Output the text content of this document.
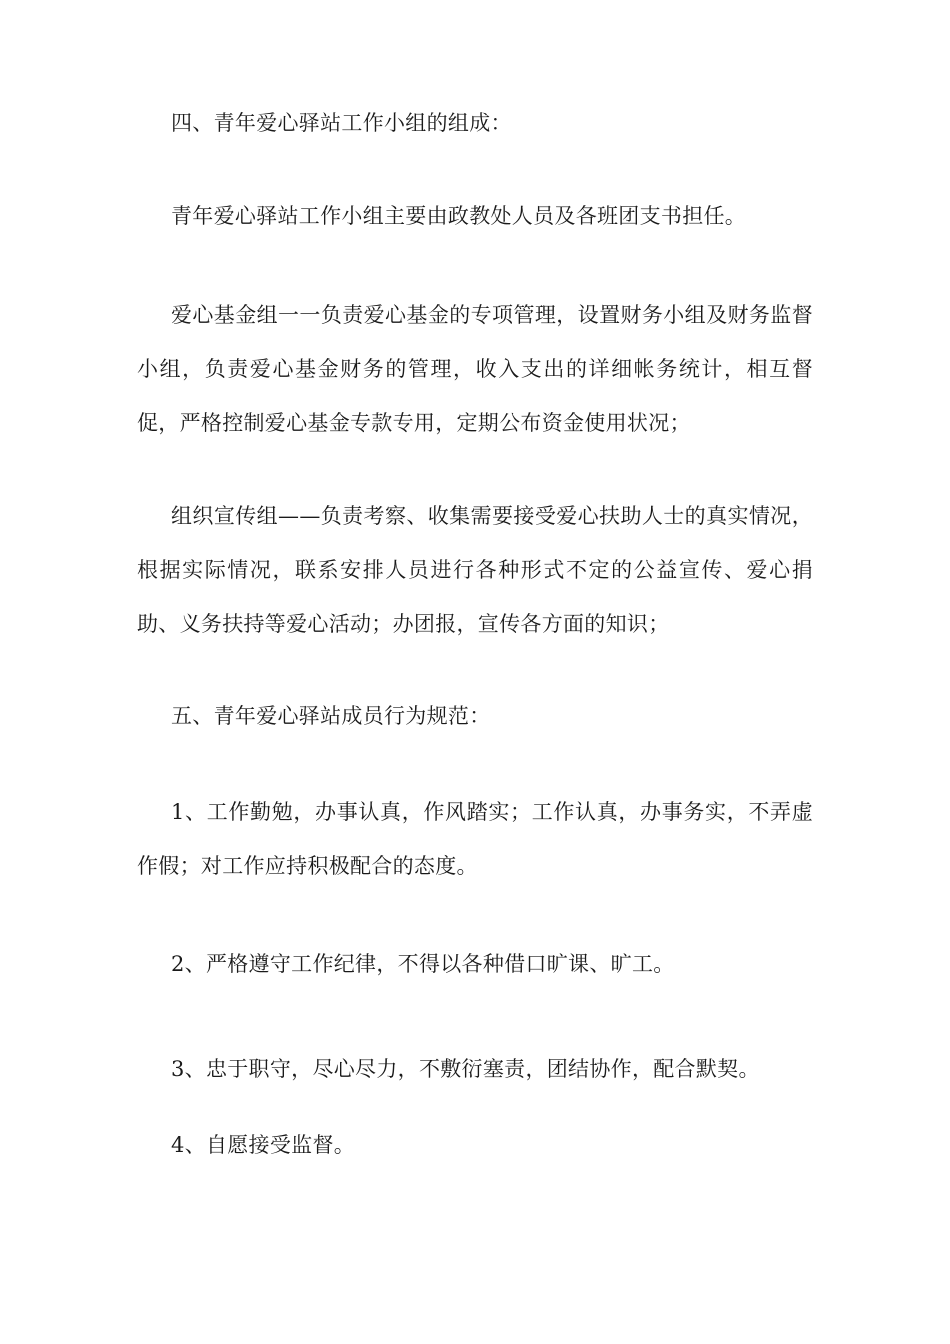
四、青年爱心驿站工作小组的组成：

青年爱心驿站工作小组主要由政教处人员及各班团支书担任。

爱心基金组一一负责爱心基金的专项管理，设置财务小组及财务监督小组，负责爱心基金财务的管理，收入支出的详细帐务统计，相互督促，严格控制爱心基金专款专用，定期公布资金使用状况；

组织宣传组——负责考察、收集需要接受爱心扶助人士的真实情况，根据实际情况，联系安排人员进行各种形式不定的公益宣传、爱心捐助、义务扶持等爱心活动；办团报，宣传各方面的知识；

五、青年爱心驿站成员行为规范：

1、工作勤勉，办事认真，作风踏实；工作认真，办事务实，不弄虚作假；对工作应持积极配合的态度。

2、严格遵守工作纪律，不得以各种借口旷课、旷工。

3、忠于职守，尽心尽力，不敷衍塞责，团结协作，配合默契。

4、自愿接受监督。
